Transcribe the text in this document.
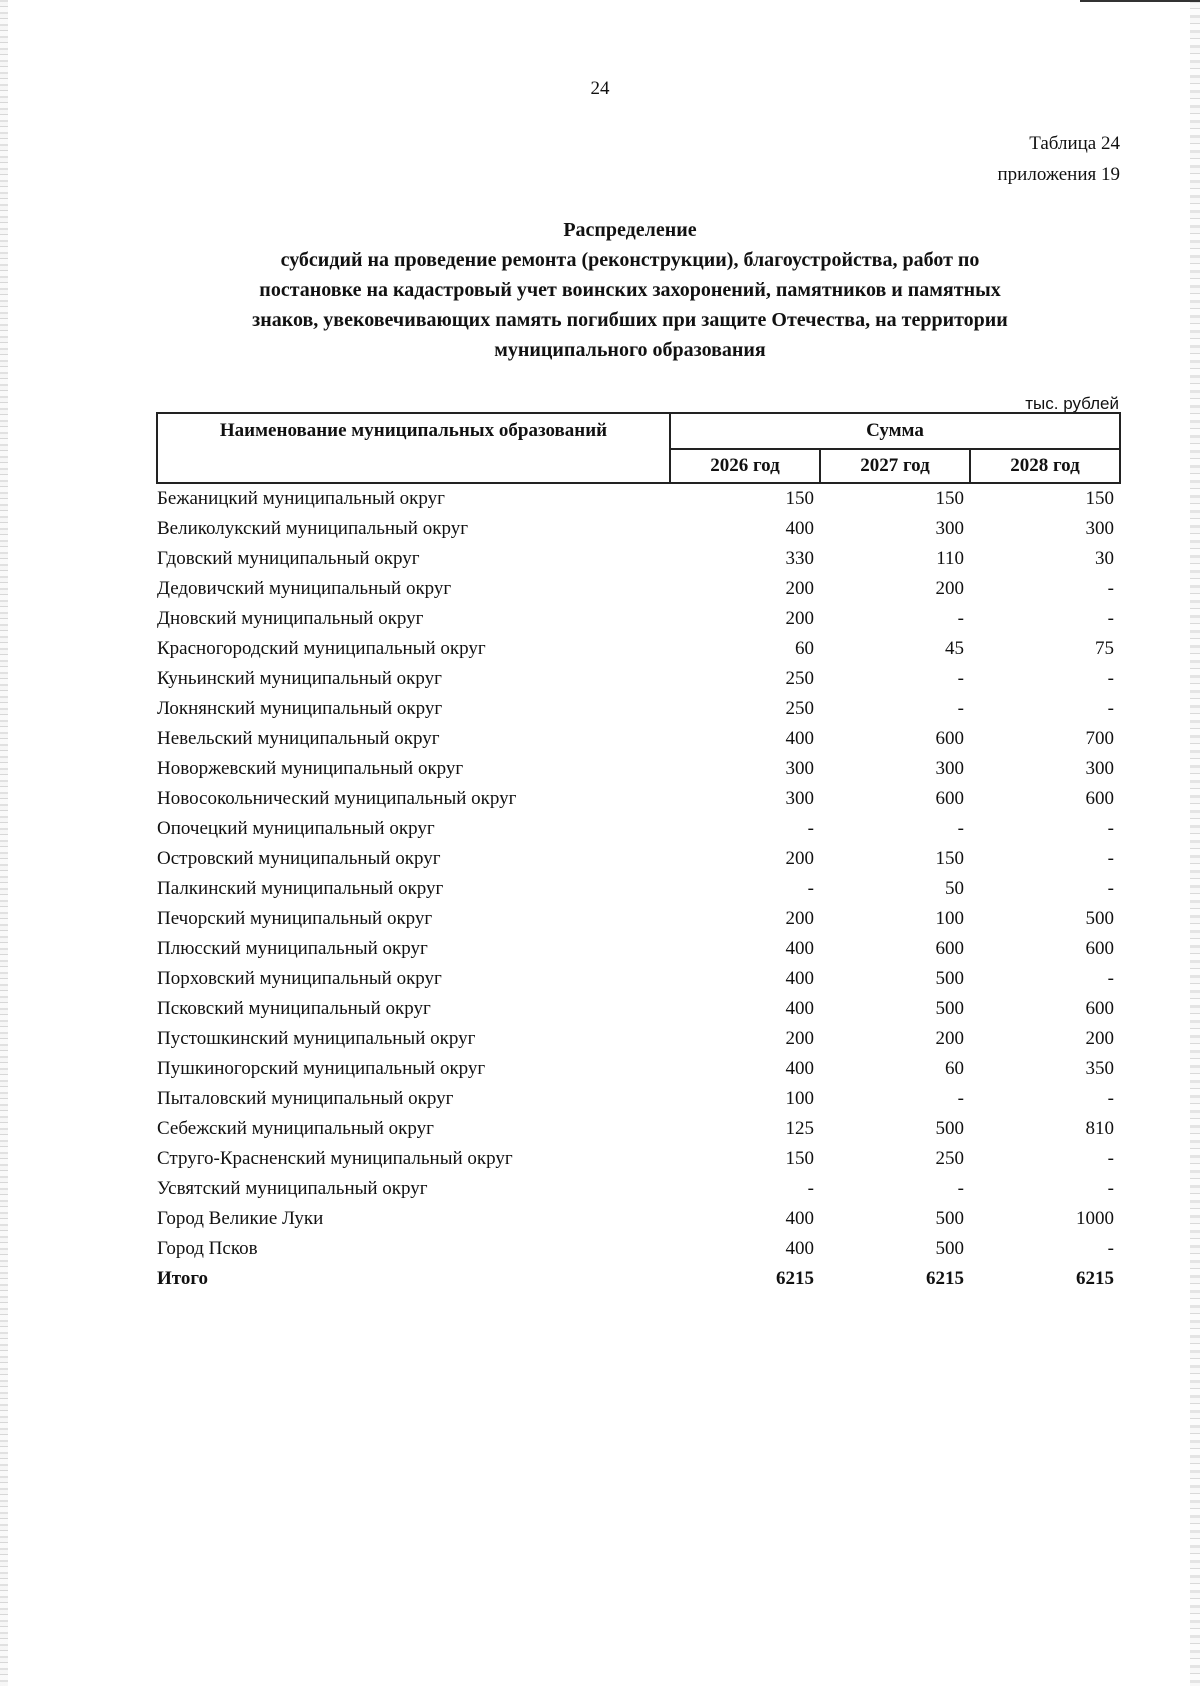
24
Таблица 24
приложения 19
Распределение
субсидий на проведение ремонта (реконструкции), благоустройства, работ по
постановке на кадастровый учет воинских захоронений, памятников и памятных
знаков, увековечивающих память погибших при защите Отечества, на территории
муниципального образования
тыс. рублей
Наименование муниципальных образований	Сумма		
	2026 год	2027 год	2028 год
Бежаницкий муниципальный округ	150	150	150
Великолукский муниципальный округ	400	300	300
Гдовский муниципальный округ	330	110	30
Дедовичский муниципальный округ	200	200	-
Дновский муниципальный округ	200	-	-
Красногородский муниципальный округ	60	45	75
Куньинский муниципальный округ	250	-	-
Локнянский муниципальный округ	250	-	-
Невельский муниципальный округ	400	600	700
Новоржевский муниципальный округ	300	300	300
Новосокольнический муниципальный округ	300	600	600
Опочецкий муниципальный округ	-	-	-
Островский муниципальный округ	200	150	-
Палкинский муниципальный округ	-	50	-
Печорский муниципальный округ	200	100	500
Плюсский муниципальный округ	400	600	600
Порховский муниципальный округ	400	500	-
Псковский муниципальный округ	400	500	600
Пустошкинский муниципальный округ	200	200	200
Пушкиногорский муниципальный округ	400	60	350
Пыталовский муниципальный округ	100	-	-
Себежский муниципальный округ	125	500	810
Струго-Красненский муниципальный округ	150	250	-
Усвятский муниципальный округ	-	-	-
Город Великие Луки	400	500	1000
Город Псков	400	500	-
Итого	6215	6215	6215
